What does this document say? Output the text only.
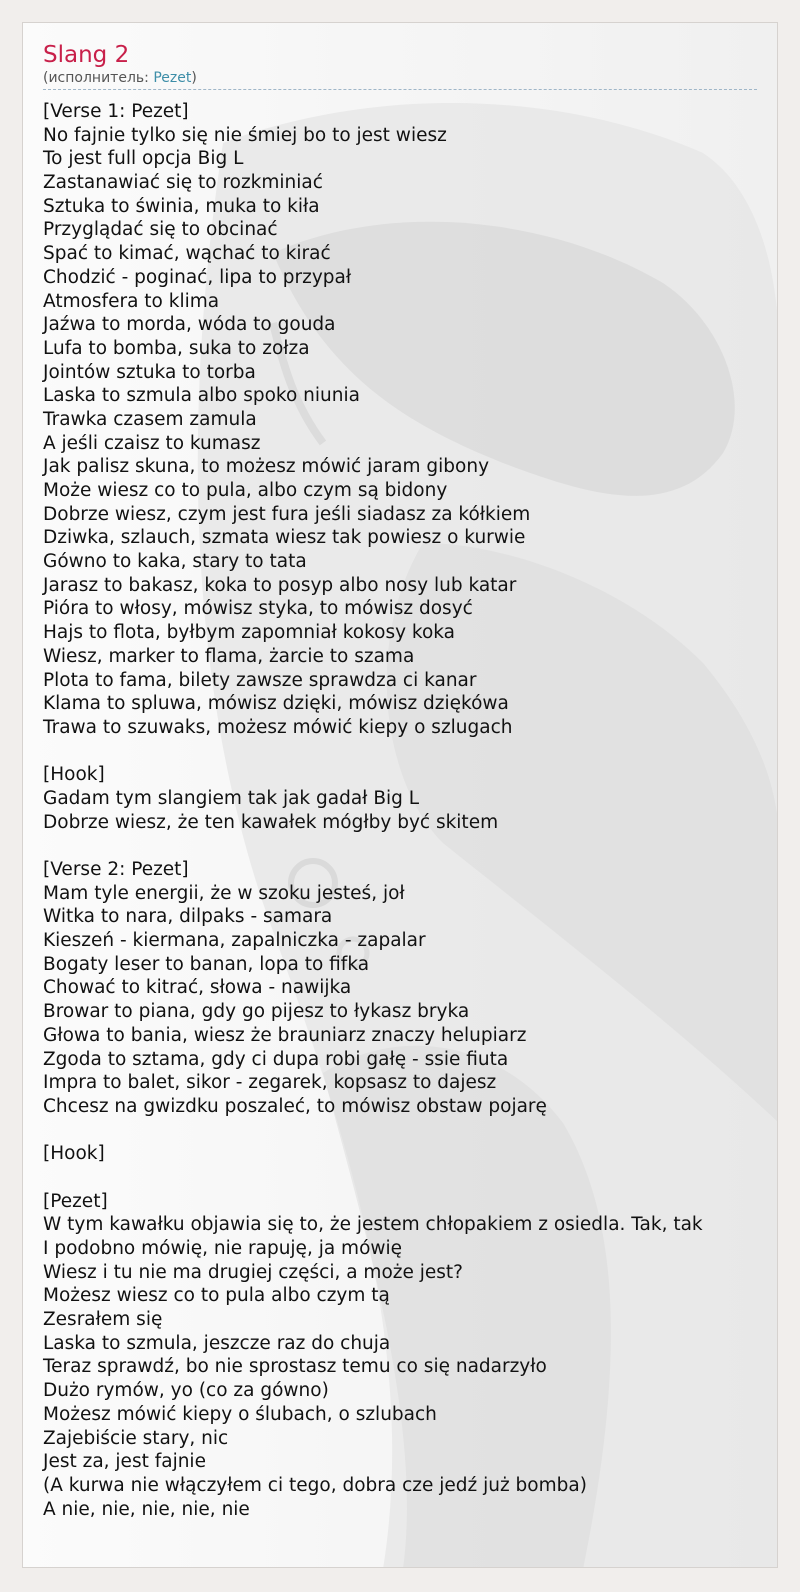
Slang 2
(исполнитель: Pezet)
[Verse 1: Pezet]
No fajnie tylko się nie śmiej bo to jest wiesz
To jest full opcja Big L
Zastanawiać się to rozkminiać
Sztuka to świnia, muka to kiła
Przyglądać się to obcinać
Spać to kimać, wąchać to kirać
Chodzić - poginać, lipa to przypał
Atmosfera to klima
Jaźwa to morda, wóda to gouda
Lufa to bomba, suka to zołza
Jointów sztuka to torba
Laska to szmula albo spoko niunia
Trawka czasem zamula
A jeśli czaisz to kumasz
Jak palisz skuna, to możesz mówić jaram gibony
Może wiesz co to pula, albo czym są bidony
Dobrze wiesz, czym jest fura jeśli siadasz za kółkiem
Dziwka, szlauch, szmata wiesz tak powiesz o kurwie
Gówno to kaka, stary to tata
Jarasz to bakasz, koka to posyp albo nosy lub katar
Pióra to włosy, mówisz styka, to mówisz dosyć
Hajs to flota, byłbym zapomniał kokosy koka
Wiesz, marker to flama, żarcie to szama
Plota to fama, bilety zawsze sprawdza ci kanar
Klama to spluwa, mówisz dzięki, mówisz dziękówa
Trawa to szuwaks, możesz mówić kiepy o szlugach
[Hook]
Gadam tym slangiem tak jak gadał Big L
Dobrze wiesz, że ten kawałek mógłby być skitem
[Verse 2: Pezet]
Mam tyle energii, że w szoku jesteś, joł
Witka to nara, dilpaks - samara
Kieszeń - kiermana, zapalniczka - zapalar
Bogaty leser to banan, lopa to fifka
Chować to kitrać, słowa - nawijka
Browar to piana, gdy go pijesz to łykasz bryka
Głowa to bania, wiesz że brauniarz znaczy helupiarz
Zgoda to sztama, gdy ci dupa robi gałę - ssie fiuta
Impra to balet, sikor - zegarek, kopsasz to dajesz
Chcesz na gwizdku poszaleć, to mówisz obstaw pojarę
[Hook]
[Pezet]
W tym kawałku objawia się to, że jestem chłopakiem z osiedla. Tak, tak
I podobno mówię, nie rapuję, ja mówię
Wiesz i tu nie ma drugiej części, a może jest?
Możesz wiesz co to pula albo czym tą
Zesrałem się
Laska to szmula, jeszcze raz do chuja
Teraz sprawdź, bo nie sprostasz temu co się nadarzyło
Dużo rymów, yo (co za gówno)
Możesz mówić kiepy o ślubach, o szlubach
Zajebiście stary, nic
Jest za, jest fajnie
(A kurwa nie włączyłem ci tego, dobra cze jedź już bomba)
A nie, nie, nie, nie, nie
